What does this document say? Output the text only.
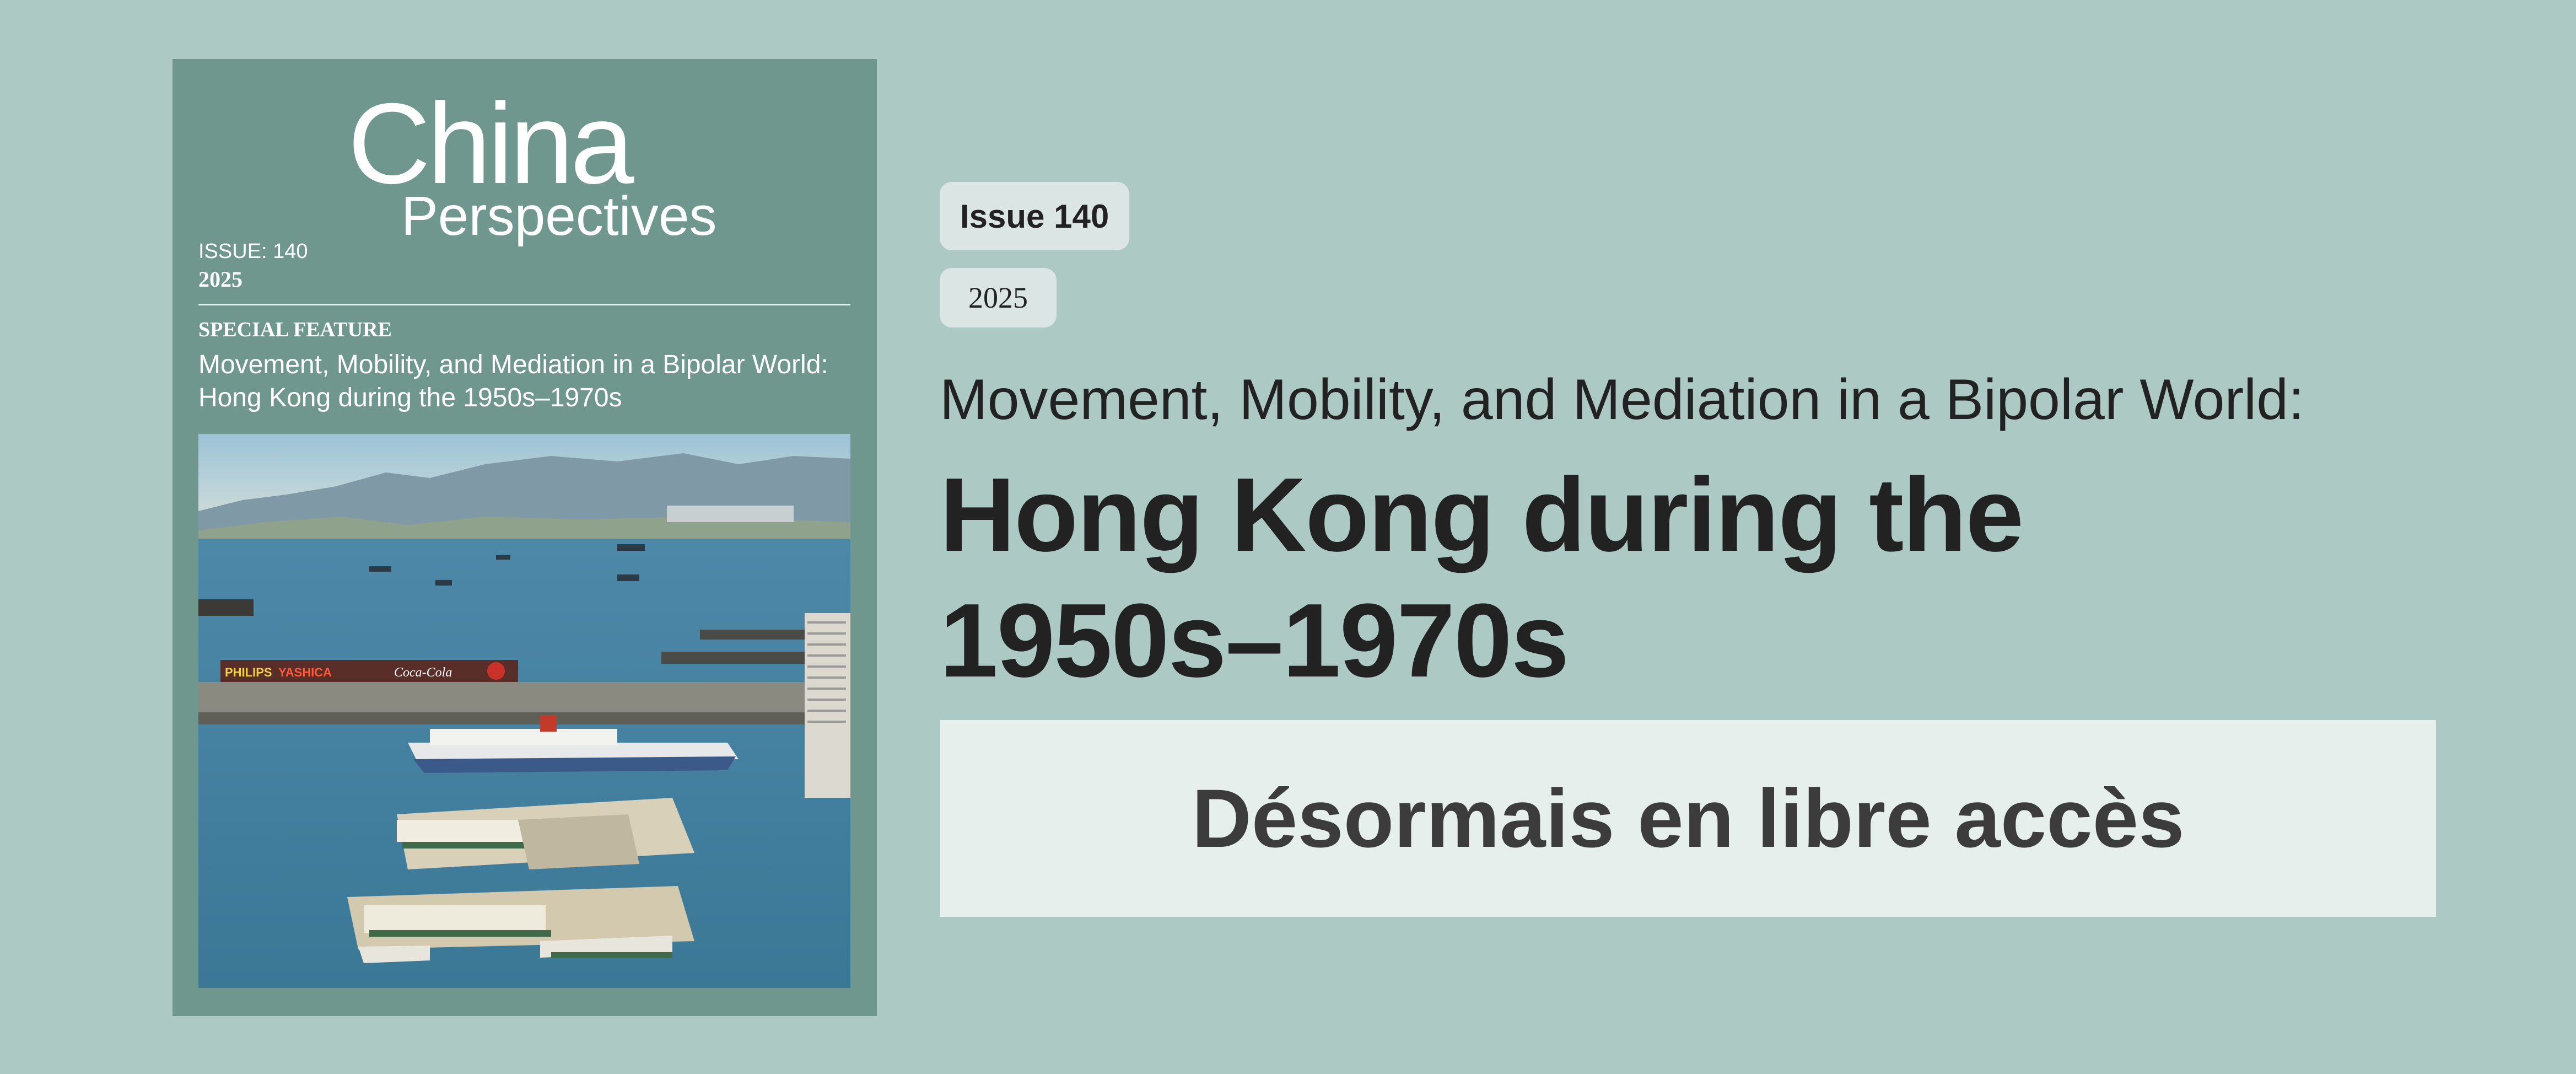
China
Perspectives
ISSUE: 140
2025
SPECIAL FEATURE
Movement, Mobility, and Mediation in a Bipolar World: Hong Kong during the 1950s–1970s
PHILIPS YASHICA	Coca-Cola
Issue 140
2025
Movement, Mobility, and Mediation in a Bipolar World:
Hong Kong during the
1950s–1970s
Désormais en libre accès
